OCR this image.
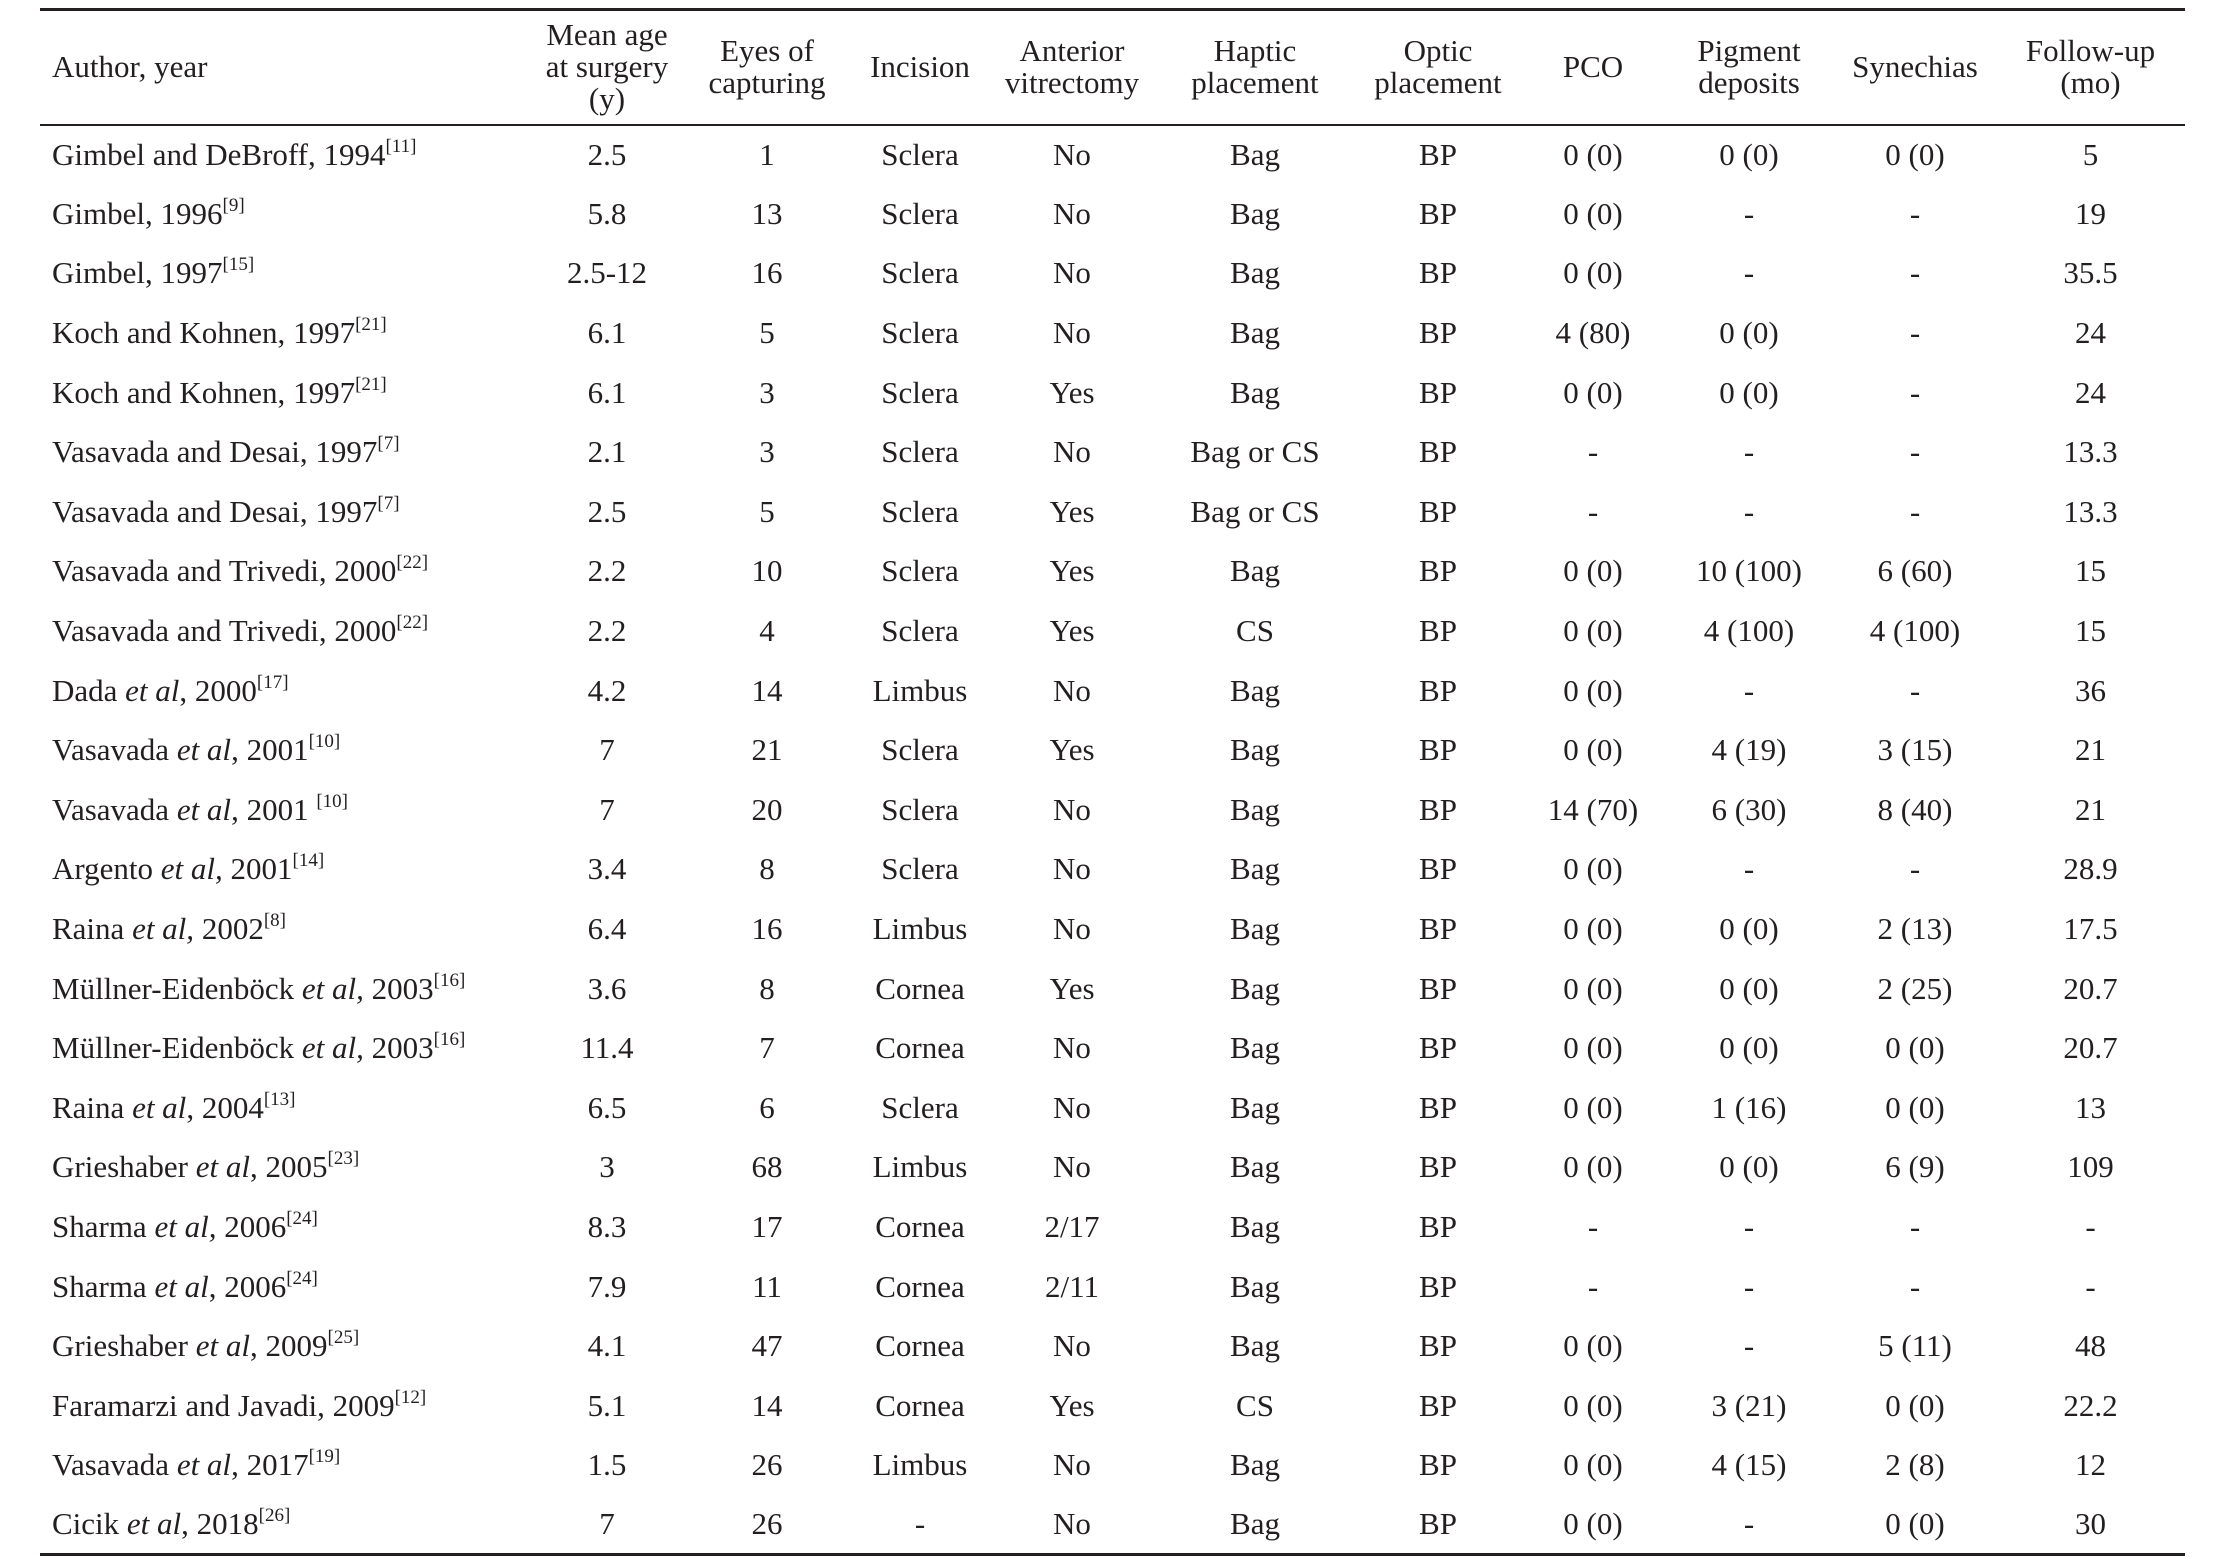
Author, year	Mean age at surgery (y)	Eyes of capturing	Incision	Anterior vitrectomy	Haptic placement	Optic placement	PCO	Pigment deposits	Synechias	Follow-up (mo)
Gimbel and DeBroff, 1994[11]	2.5	1	Sclera	No	Bag	BP	0 (0)	0 (0)	0 (0)	5
Gimbel, 1996[9]	5.8	13	Sclera	No	Bag	BP	0 (0)	-	-	19
Gimbel, 1997[15]	2.5-12	16	Sclera	No	Bag	BP	0 (0)	-	-	35.5
Koch and Kohnen, 1997[21]	6.1	5	Sclera	No	Bag	BP	4 (80)	0 (0)	-	24
Koch and Kohnen, 1997[21]	6.1	3	Sclera	Yes	Bag	BP	0 (0)	0 (0)	-	24
Vasavada and Desai, 1997[7]	2.1	3	Sclera	No	Bag or CS	BP	-	-	-	13.3
Vasavada and Desai, 1997[7]	2.5	5	Sclera	Yes	Bag or CS	BP	-	-	-	13.3
Vasavada and Trivedi, 2000[22]	2.2	10	Sclera	Yes	Bag	BP	0 (0)	10 (100)	6 (60)	15
Vasavada and Trivedi, 2000[22]	2.2	4	Sclera	Yes	CS	BP	0 (0)	4 (100)	4 (100)	15
Dada et al, 2000[17]	4.2	14	Limbus	No	Bag	BP	0 (0)	-	-	36
Vasavada et al, 2001[10]	7	21	Sclera	Yes	Bag	BP	0 (0)	4 (19)	3 (15)	21
Vasavada et al, 2001 [10]	7	20	Sclera	No	Bag	BP	14 (70)	6 (30)	8 (40)	21
Argento et al, 2001[14]	3.4	8	Sclera	No	Bag	BP	0 (0)	-	-	28.9
Raina et al, 2002[8]	6.4	16	Limbus	No	Bag	BP	0 (0)	0 (0)	2 (13)	17.5
Müllner-Eidenböck et al, 2003[16]	3.6	8	Cornea	Yes	Bag	BP	0 (0)	0 (0)	2 (25)	20.7
Müllner-Eidenböck et al, 2003[16]	11.4	7	Cornea	No	Bag	BP	0 (0)	0 (0)	0 (0)	20.7
Raina et al, 2004[13]	6.5	6	Sclera	No	Bag	BP	0 (0)	1 (16)	0 (0)	13
Grieshaber et al, 2005[23]	3	68	Limbus	No	Bag	BP	0 (0)	0 (0)	6 (9)	109
Sharma et al, 2006[24]	8.3	17	Cornea	2/17	Bag	BP	-	-	-	-
Sharma et al, 2006[24]	7.9	11	Cornea	2/11	Bag	BP	-	-	-	-
Grieshaber et al, 2009[25]	4.1	47	Cornea	No	Bag	BP	0 (0)	-	5 (11)	48
Faramarzi and Javadi, 2009[12]	5.1	14	Cornea	Yes	CS	BP	0 (0)	3 (21)	0 (0)	22.2
Vasavada et al, 2017[19]	1.5	26	Limbus	No	Bag	BP	0 (0)	4 (15)	2 (8)	12
Cicik et al, 2018[26]	7	26	-	No	Bag	BP	0 (0)	-	0 (0)	30
